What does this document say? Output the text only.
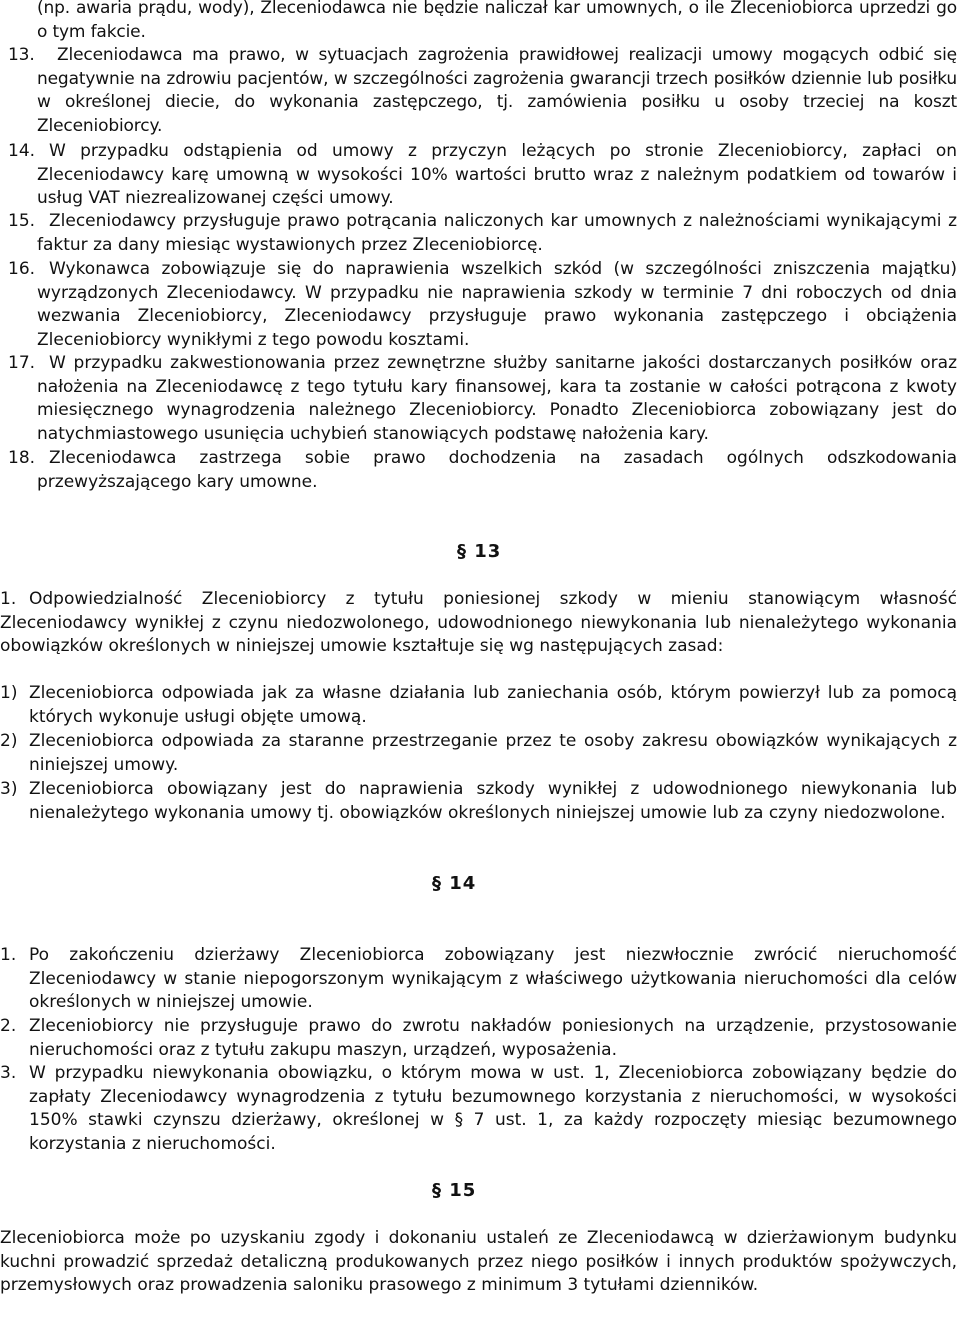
(np. awaria prądu, wody), Zleceniodawca nie będzie naliczał kar umownych, o ile Zleceniobiorca uprzedzi go o tym fakcie.
13.	Zleceniodawca ma prawo, w sytuacjach zagrożenia prawidłowej realizacji umowy mogących odbić się negatywnie na zdrowiu pacjentów, w szczególności zagrożenia gwarancji trzech posiłków dziennie lub posiłku w określonej diecie, do wykonania zastępczego, tj. zamówienia posiłku u osoby trzeciej na koszt Zleceniobiorcy.
14. W przypadku odstąpienia od umowy z przyczyn leżących po stronie Zleceniobiorcy, zapłaci on Zleceniodawcy karę umowną w wysokości 10% wartości brutto wraz z należnym podatkiem od towarów i usług VAT niezrealizowanej części umowy.
15. Zleceniodawcy przysługuje prawo potrącania naliczonych kar umownych z należnościami wynikającymi z faktur za dany miesiąc wystawionych przez Zleceniobiorcę.
16. Wykonawca zobowiązuje się do naprawienia wszelkich szkód (w szczególności zniszczenia majątku) wyrządzonych Zleceniodawcy. W przypadku nie naprawienia szkody w terminie 7 dni roboczych od dnia wezwania Zleceniobiorcy, Zleceniodawcy przysługuje prawo wykonania zastępczego i obciążenia Zleceniobiorcy wynikłymi z tego powodu kosztami.
17. W przypadku zakwestionowania przez zewnętrzne służby sanitarne jakości dostarczanych posiłków oraz nałożenia na Zleceniodawcę z tego tytułu kary finansowej, kara ta zostanie w całości potrącona z kwoty miesięcznego wynagrodzenia należnego Zleceniobiorcy. Ponadto Zleceniobiorca zobowiązany jest do natychmiastowego usunięcia uchybień stanowiących podstawę nałożenia kary.
18. Zleceniodawca zastrzega sobie prawo dochodzenia na zasadach ogólnych odszkodowania przewyższającego kary umowne.
§ 13
1. Odpowiedzialność Zleceniobiorcy z tytułu poniesionej szkody w mieniu stanowiącym własność Zleceniodawcy wynikłej z czynu niedozwolonego, udowodnionego niewykonania lub nienależytego wykonania obowiązków określonych w niniejszej umowie kształtuje się wg następujących zasad:
1) Zleceniobiorca odpowiada jak za własne działania lub zaniechania osób, którym powierzył lub za pomocą których wykonuje usługi objęte umową.
2) Zleceniobiorca odpowiada za staranne przestrzeganie przez te osoby zakresu obowiązków wynikających z niniejszej umowy.
3) Zleceniobiorca obowiązany jest do naprawienia szkody wynikłej z udowodnionego niewykonania lub nienależytego wykonania umowy tj. obowiązków określonych niniejszej umowie lub za czyny niedozwolone.
§ 14
1. Po zakończeniu dzierżawy Zleceniobiorca zobowiązany jest niezwłocznie zwrócić nieruchomość Zleceniodawcy w stanie niepogorszonym wynikającym z właściwego użytkowania nieruchomości dla celów określonych w niniejszej umowie.
2. Zleceniobiorcy nie przysługuje prawo do zwrotu nakładów poniesionych na urządzenie, przystosowanie nieruchomości oraz z tytułu zakupu maszyn, urządzeń, wyposażenia.
3. W przypadku niewykonania obowiązku, o którym mowa w ust. 1, Zleceniobiorca zobowiązany będzie do zapłaty Zleceniodawcy wynagrodzenia z tytułu bezumownego korzystania z nieruchomości, w wysokości 150% stawki czynszu dzierżawy, określonej w § 7 ust. 1, za każdy rozpoczęty miesiąc bezumownego korzystania z nieruchomości.
§ 15
Zleceniobiorca może po uzyskaniu zgody i dokonaniu ustaleń ze Zleceniodawcą w dzierżawionym budynku kuchni prowadzić sprzedaż detaliczną produkowanych przez niego posiłków i innych produktów spożywczych, przemysłowych oraz prowadzenia saloniku prasowego z minimum 3 tytułami dzienników.
